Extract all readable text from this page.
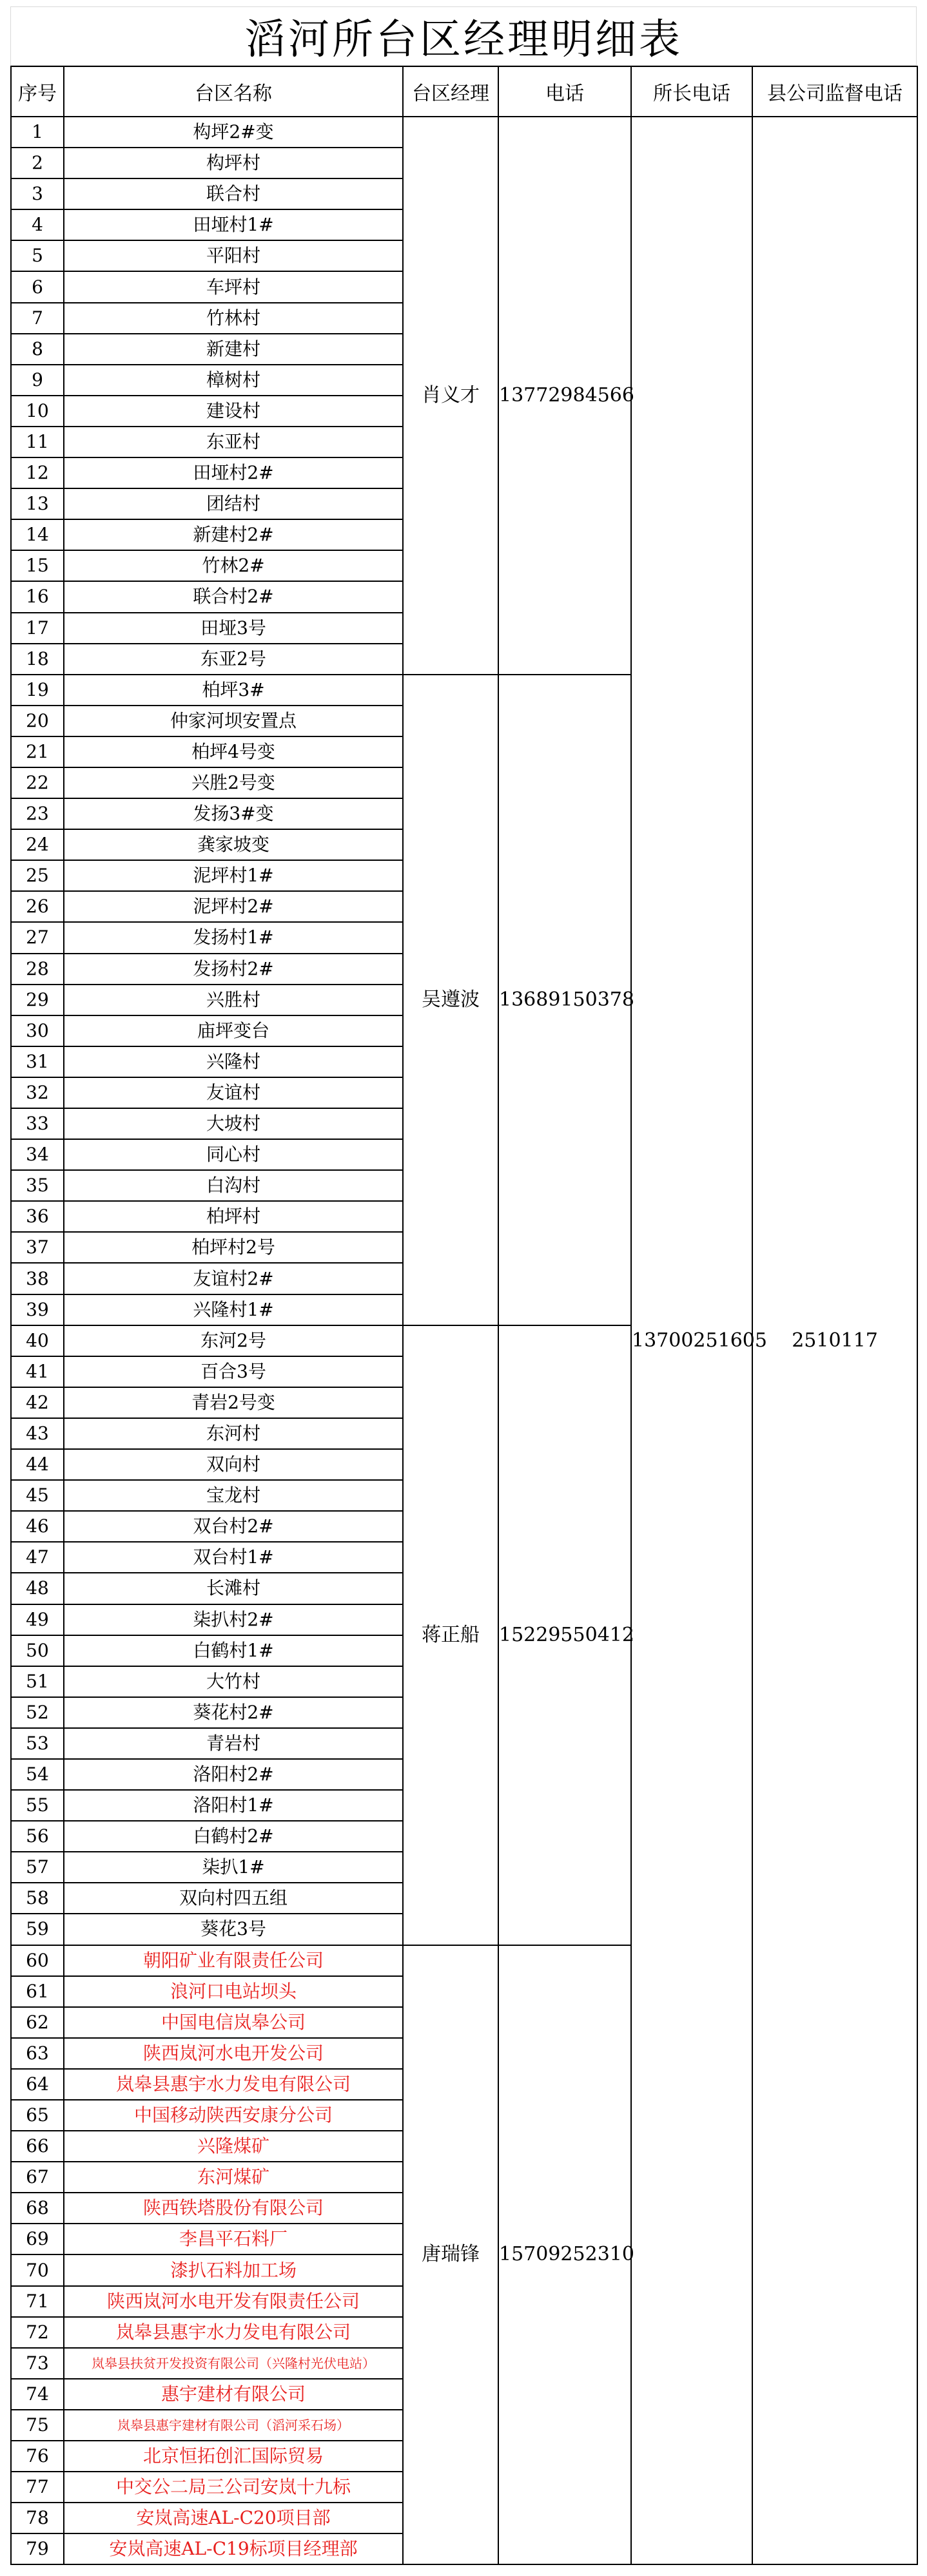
滔河所台区经理明细表
序号	台区名称	台区经理	电话	所长电话	县公司监督电话
1	构坪2#变	肖义才	13772984566	13700251605	2510117
2	构坪村				
3	联合村				
4	田垭村1#				
5	平阳村				
6	车坪村				
7	竹林村				
8	新建村				
9	樟树村				
10	建设村				
11	东亚村				
12	田垭村2#				
13	团结村				
14	新建村2#				
15	竹林2#				
16	联合村2#				
17	田垭3号				
18	东亚2号				
19	柏坪3#	吴遵波	13689150378		
20	仲家河坝安置点				
21	柏坪4号变				
22	兴胜2号变				
23	发扬3#变				
24	龚家坡变				
25	泥坪村1#				
26	泥坪村2#				
27	发扬村1#				
28	发扬村2#				
29	兴胜村				
30	庙坪变台				
31	兴隆村				
32	友谊村				
33	大坡村				
34	同心村				
35	白沟村				
36	柏坪村				
37	柏坪村2号				
38	友谊村2#				
39	兴隆村1#				
40	东河2号	蒋正船	15229550412		
41	百合3号				
42	青岩2号变				
43	东河村				
44	双向村				
45	宝龙村				
46	双台村2#				
47	双台村1#				
48	长滩村				
49	柒扒村2#				
50	白鹤村1#				
51	大竹村				
52	葵花村2#				
53	青岩村				
54	洛阳村2#				
55	洛阳村1#				
56	白鹤村2#				
57	柒扒1#				
58	双向村四五组				
59	葵花3号				
60	朝阳矿业有限责任公司	唐瑞锋	15709252310		
61	浪河口电站坝头				
62	中国电信岚皋公司				
63	陕西岚河水电开发公司				
64	岚皋县惠宇水力发电有限公司				
65	中国移动陕西安康分公司				
66	兴隆煤矿				
67	东河煤矿				
68	陕西铁塔股份有限公司				
69	李昌平石料厂				
70	漆扒石料加工场				
71	陕西岚河水电开发有限责任公司				
72	岚皋县惠宇水力发电有限公司				
73	岚皋县扶贫开发投资有限公司（兴隆村光伏电站）				
74	惠宇建材有限公司				
75	岚皋县惠宇建材有限公司（滔河采石场）				
76	北京恒拓创汇国际贸易				
77	中交公二局三公司安岚十九标				
78	安岚高速AL-C20项目部				
79	安岚高速AL-C19标项目经理部				
